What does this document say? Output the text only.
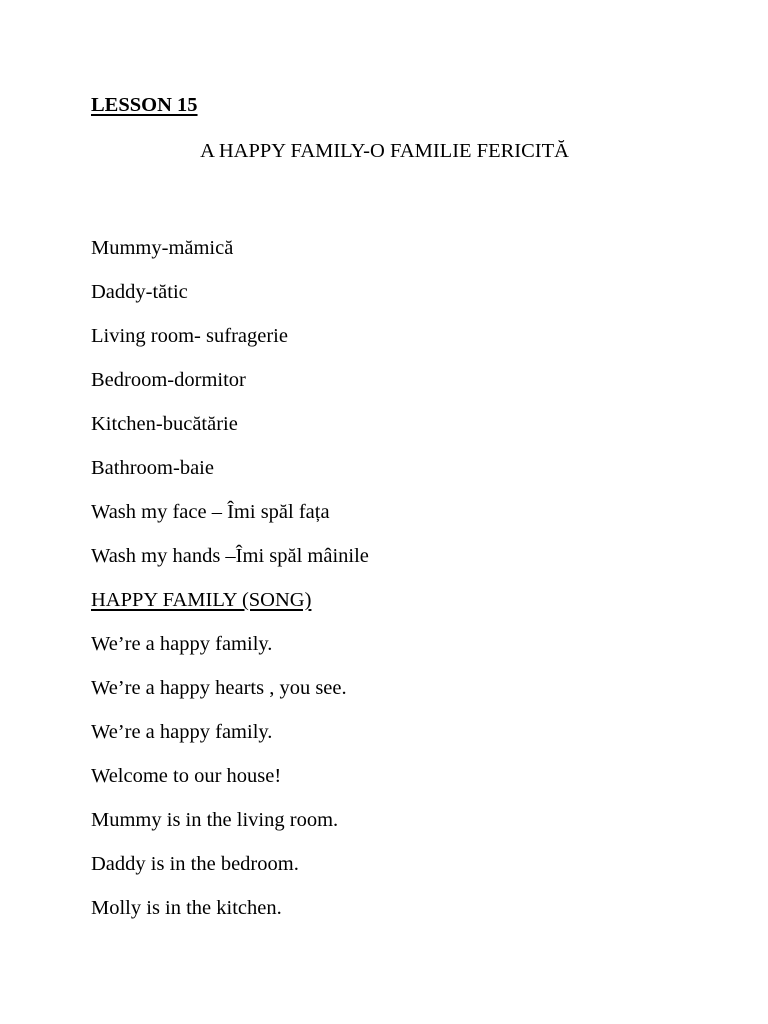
LESSON 15
A HAPPY FAMILY-O FAMILIE FERICITĂ
Mummy-mămică
Daddy-tătic
Living room- sufragerie
Bedroom-dormitor
Kitchen-bucătărie
Bathroom-baie
Wash my face – Îmi spăl fața
Wash my hands –Îmi spăl mâinile
HAPPY FAMILY (SONG)
We’re a happy family.
We’re a happy hearts , you see.
We’re a happy family.
Welcome to our house!
Mummy is in the living room.
Daddy is in the bedroom.
Molly is in the kitchen.
